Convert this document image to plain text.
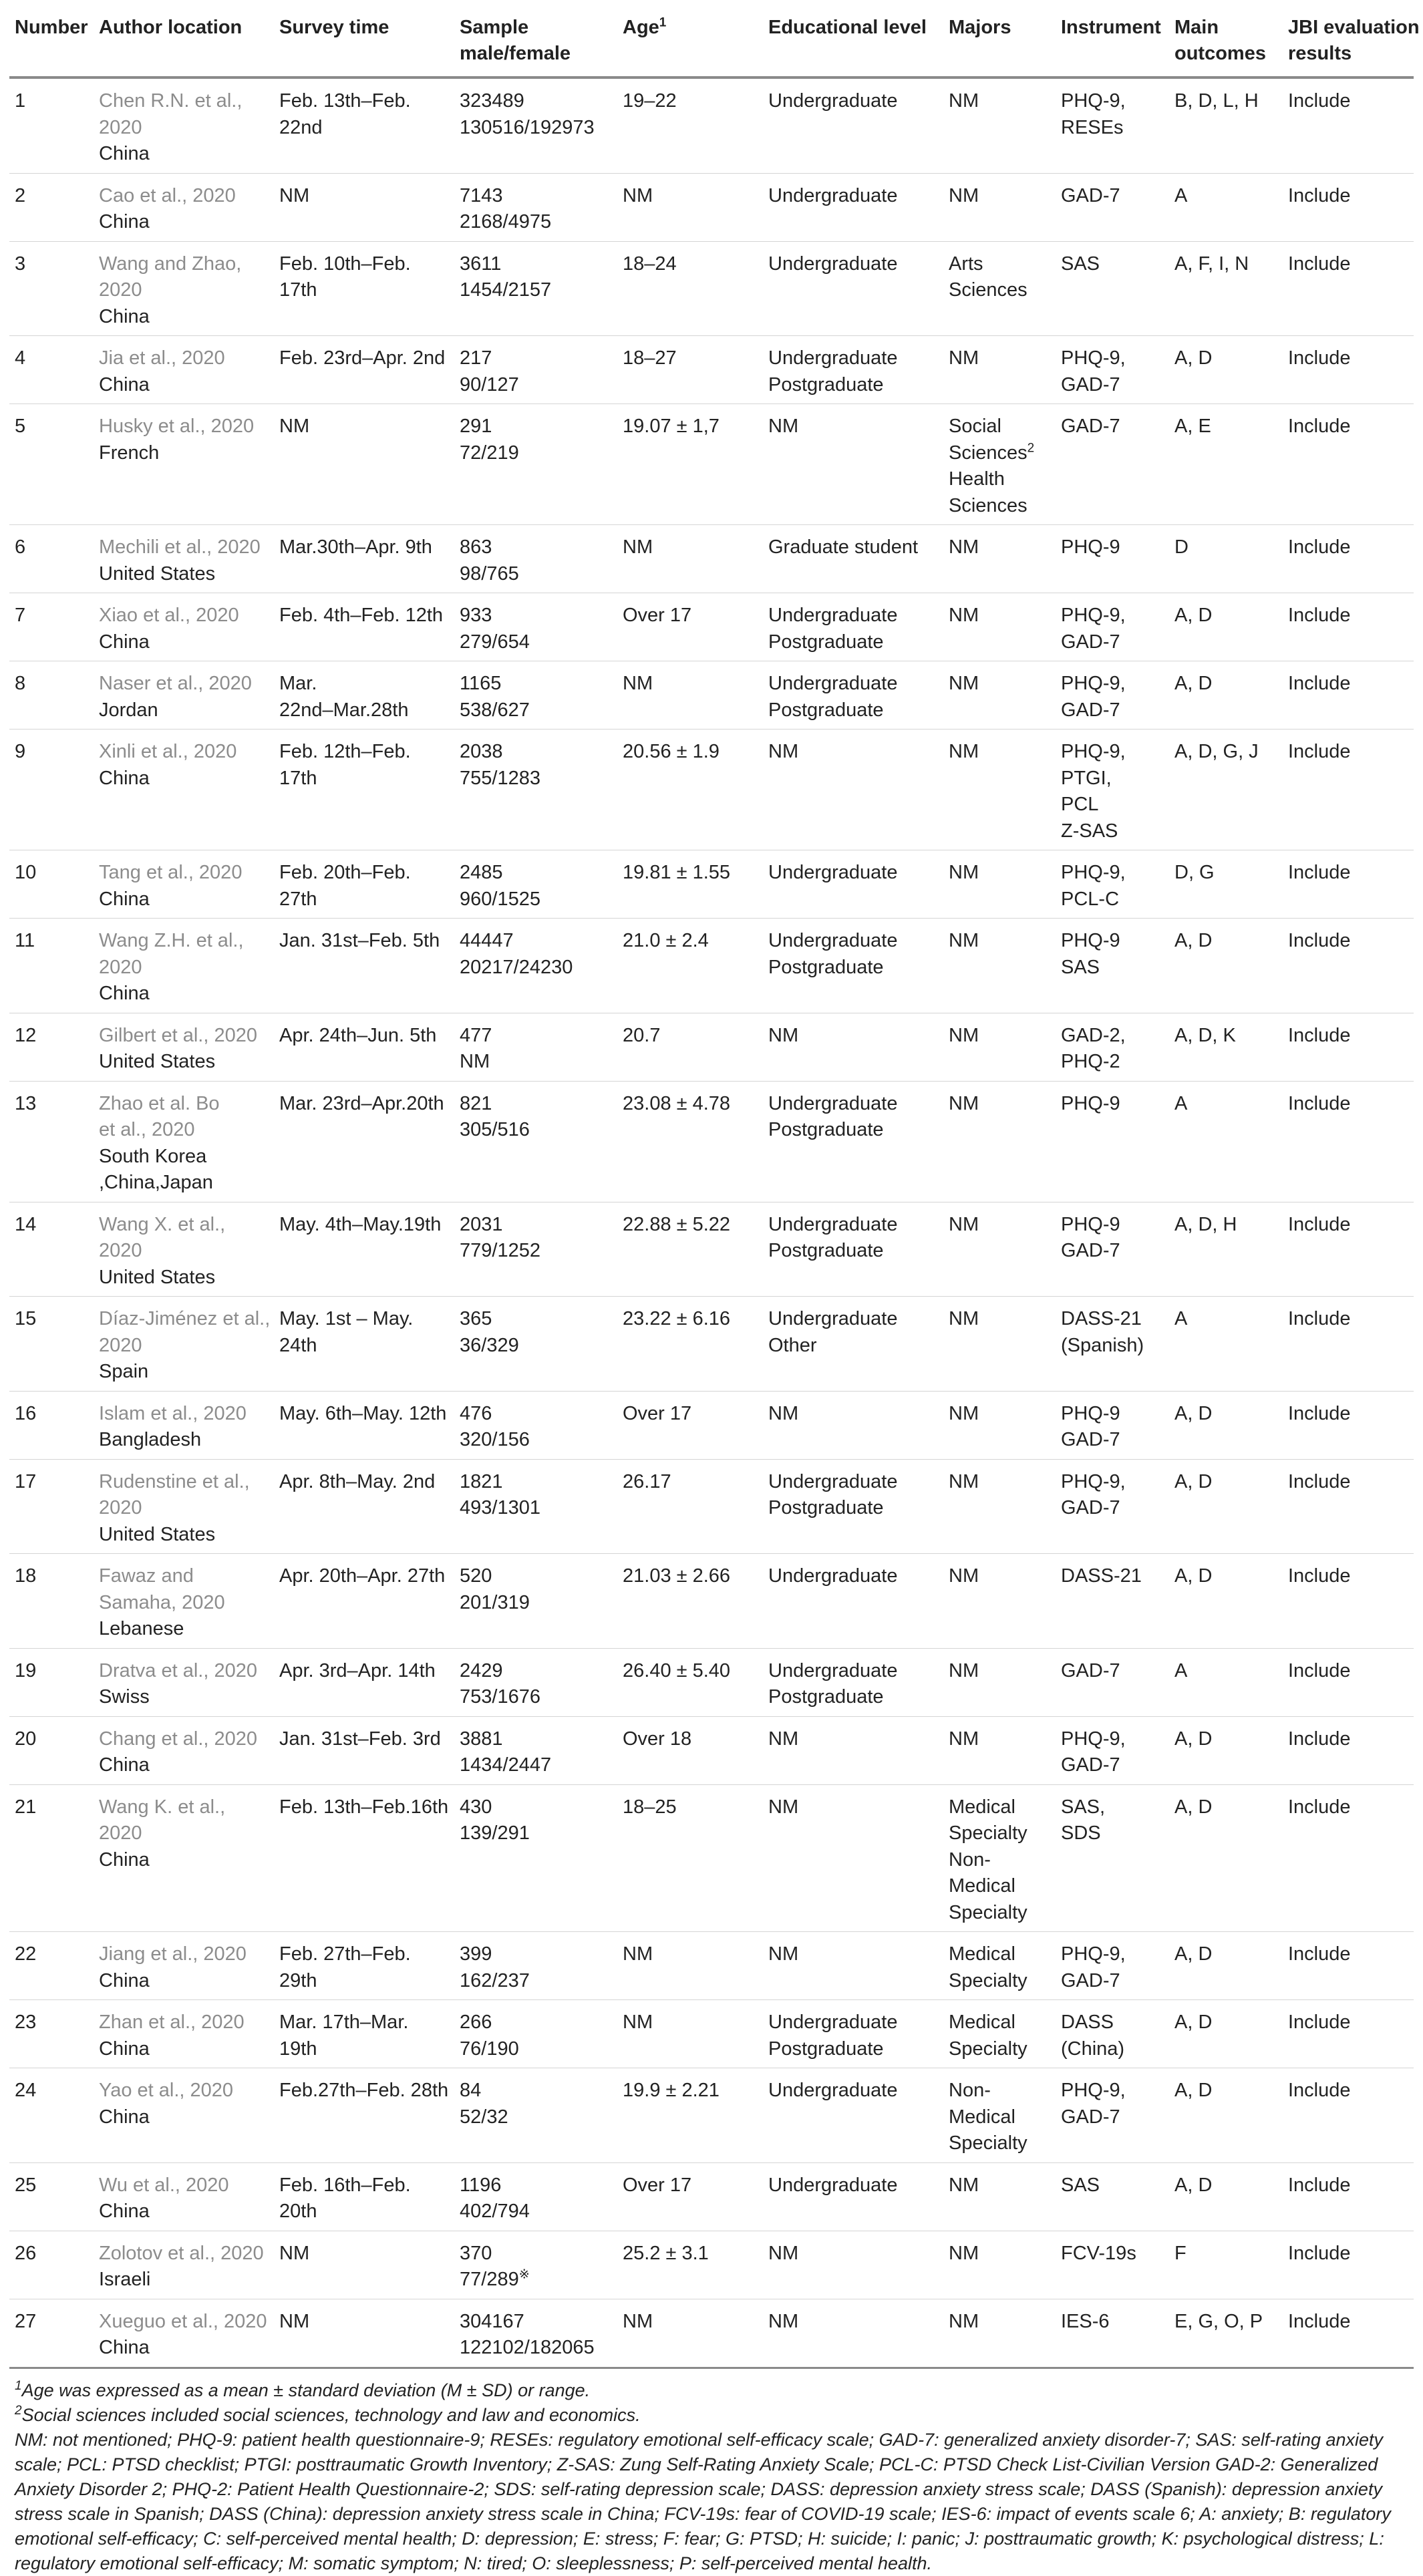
Number	Author location	Survey time	Sample
male/female	Age$^1$	Educational level	Majors	Instrument	Main
outcomes	JBI evaluation
results

1	Chen R.N. et al.,
2020
China	Feb. 13th–Feb.
22nd	323489
130516/192973	19–22	Undergraduate	NM	PHQ-9,
RESEs	B, D, L, H	Include

2	Cao et al., 2020
China	NM	7143
2168/4975	NM	Undergraduate	NM	GAD-7	A	Include

3	Wang and Zhao,
2020
China	Feb. 10th–Feb.
17th	3611
1454/2157	18–24	Undergraduate	Arts
Sciences	SAS	A, F, I, N	Include

4	Jia et al., 2020
China	Feb. 23rd–Apr. 2nd	217
90/127	18–27	Undergraduate
Postgraduate	NM	PHQ-9,
GAD-7	A, D	Include

5	Husky et al., 2020
French	NM	291
72/219	19.07 ± 1,7	NM	Social
Sciences$^2$
Health
Sciences	GAD-7	A, E	Include

6	Mechili et al., 2020
United States	Mar.30th–Apr. 9th	863
98/765	NM	Graduate student	NM	PHQ-9	D	Include

7	Xiao et al., 2020
China	Feb. 4th–Feb. 12th	933
279/654	Over 17	Undergraduate
Postgraduate	NM	PHQ-9,
GAD-7	A, D	Include

8	Naser et al., 2020
Jordan	Mar.
22nd–Mar.28th	1165
538/627	NM	Undergraduate
Postgraduate	NM	PHQ-9,
GAD-7	A, D	Include

9	Xinli et al., 2020
China	Feb. 12th–Feb.
17th	2038
755/1283	20.56 ± 1.9	NM	NM	PHQ-9,
PTGI,
PCL
Z-SAS	A, D, G, J	Include

10	Tang et al., 2020
China	Feb. 20th–Feb.
27th	2485
960/1525	19.81 ± 1.55	Undergraduate	NM	PHQ-9,
PCL-C	D, G	Include

11	Wang Z.H. et al.,
2020
China	Jan. 31st–Feb. 5th	44447
20217/24230	21.0 ± 2.4	Undergraduate
Postgraduate	NM	PHQ-9
SAS	A, D	Include

12	Gilbert et al., 2020
United States	Apr. 24th–Jun. 5th	477
NM	20.7	NM	NM	GAD-2,
PHQ-2	A, D, K	Include

13	Zhao et al. Bo
et al., 2020
South Korea
,China,Japan	Mar. 23rd–Apr.20th	821
305/516	23.08 ± 4.78	Undergraduate
Postgraduate	NM	PHQ-9	A	Include

14	Wang X. et al.,
2020
United States	May. 4th–May.19th	2031
779/1252	22.88 ± 5.22	Undergraduate
Postgraduate	NM	PHQ-9
GAD-7	A, D, H	Include

15	Díaz-Jiménez et al.,
2020
Spain	May. 1st – May.
24th	365
36/329	23.22 ± 6.16	Undergraduate
Other	NM	DASS-21
(Spanish)	A	Include

16	Islam et al., 2020
Bangladesh	May. 6th–May. 12th	476
320/156	Over 17	NM	NM	PHQ-9
GAD-7	A, D	Include

17	Rudenstine et al.,
2020
United States	Apr. 8th–May. 2nd	1821
493/1301	26.17	Undergraduate
Postgraduate	NM	PHQ-9,
GAD-7	A, D	Include

18	Fawaz and
Samaha, 2020
Lebanese	Apr. 20th–Apr. 27th	520
201/319	21.03 ± 2.66	Undergraduate	NM	DASS-21	A, D	Include

19	Dratva et al., 2020
Swiss	Apr. 3rd–Apr. 14th	2429
753/1676	26.40 ± 5.40	Undergraduate
Postgraduate	NM	GAD-7	A	Include

20	Chang et al., 2020
China	Jan. 31st–Feb. 3rd	3881
1434/2447	Over 18	NM	NM	PHQ-9,
GAD-7	A, D	Include

21	Wang K. et al.,
2020
China	Feb. 13th–Feb.16th	430
139/291	18–25	NM	Medical
Specialty
Non-
Medical
Specialty	SAS,
SDS	A, D	Include

22	Jiang et al., 2020
China	Feb. 27th–Feb.
29th	399
162/237	NM	NM	Medical
Specialty	PHQ-9,
GAD-7	A, D	Include

23	Zhan et al., 2020
China	Mar. 17th–Mar.
19th	266
76/190	NM	Undergraduate
Postgraduate	Medical
Specialty	DASS
(China)	A, D	Include

24	Yao et al., 2020
China	Feb.27th–Feb. 28th	84
52/32	19.9 ± 2.21	Undergraduate	Non-
Medical
Specialty	PHQ-9,
GAD-7	A, D	Include

25	Wu et al., 2020
China	Feb. 16th–Feb.
20th	1196
402/794	Over 17	Undergraduate	NM	SAS	A, D	Include

26	Zolotov et al., 2020
Israeli	NM	370
77/289※	25.2 ± 3.1	NM	NM	FCV-19s	F	Include

27	Xueguo et al., 2020
China	NM	304167
122102/182065	NM	NM	NM	IES-6	E, G, O, P	Include

$^1$Age was expressed as a mean ± standard deviation (M ± SD) or range.

$^2$Social sciences included social sciences, technology and law and economics.

NM: not mentioned; PHQ-9: patient health questionnaire-9; RESEs: regulatory emotional self-efficacy scale; GAD-7: generalized anxiety disorder-7; SAS: self-rating anxiety scale; PCL: PTSD checklist; PTGI: posttraumatic Growth Inventory; Z-SAS: Zung Self-Rating Anxiety Scale; PCL-C: PTSD Check List-Civilian Version GAD-2: Generalized Anxiety Disorder 2; PHQ-2: Patient Health Questionnaire-2; SDS: self-rating depression scale; DASS: depression anxiety stress scale; DASS (Spanish): depression anxiety stress scale in Spanish; DASS (China): depression anxiety stress scale in China; FCV-19s: fear of COVID-19 scale; IES-6: impact of events scale 6; A: anxiety; B: regulatory emotional self-efficacy; C: self-perceived mental health; D: depression; E: stress; F: fear; G: PTSD; H: suicide; I: panic; J: posttraumatic growth; K: psychological distress; L: regulatory emotional self-efficacy; M: somatic symptom; N: tired; O: sleeplessness; P: self-perceived mental health.
